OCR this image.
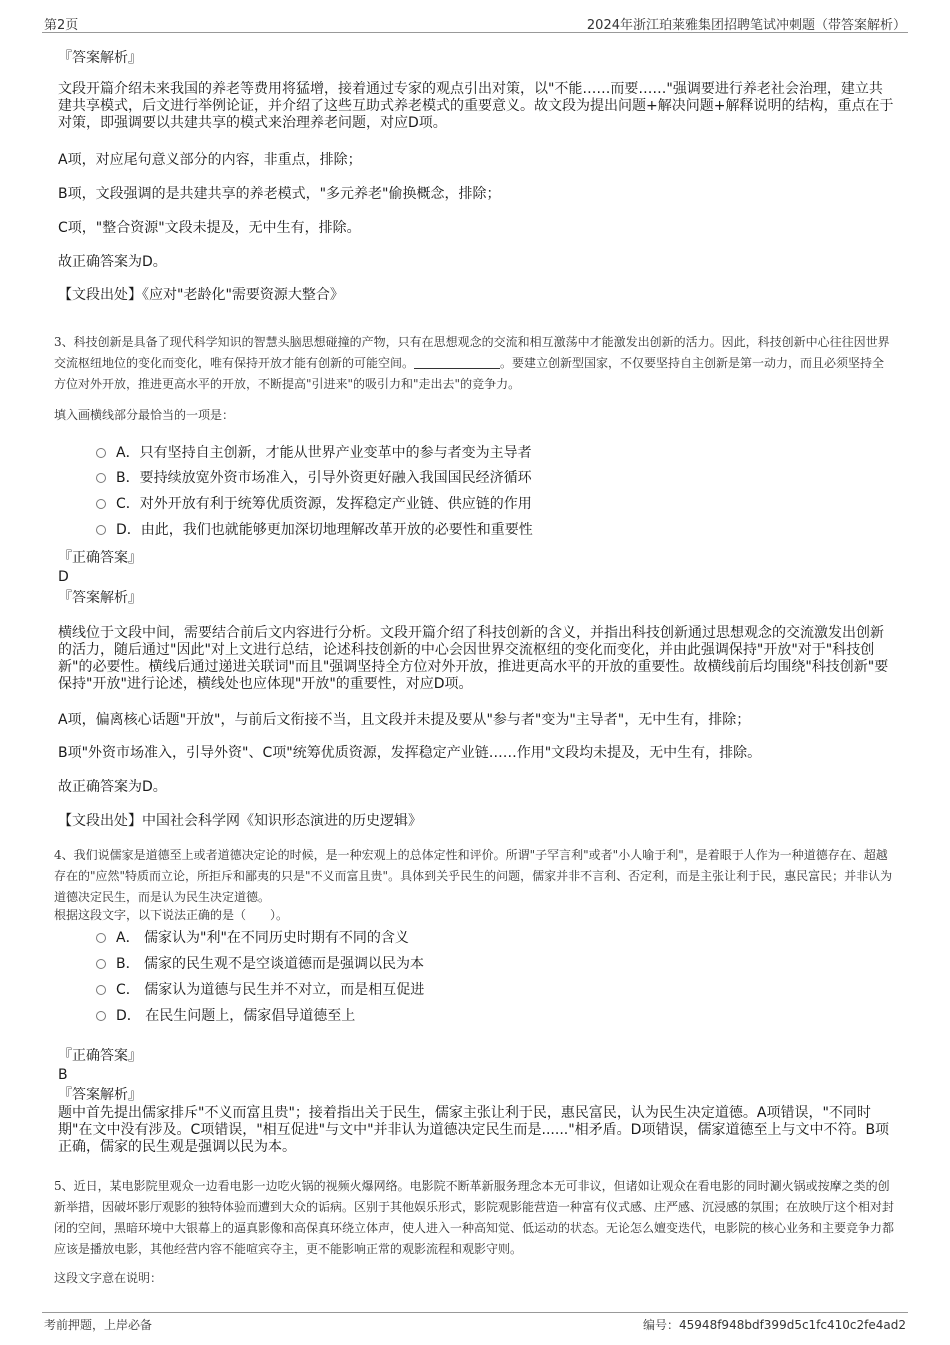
第2页	2024年浙江珀莱雅集团招聘笔试冲刺题（带答案解析）
『答案解析』
文段开篇介绍未来我国的养老等费用将猛增，接着通过专家的观点引出对策，以"不能……而要……"强调要进行养老社会治理，建立共建共享模式，后文进行举例论证，并介绍了这些互助式养老模式的重要意义。故文段为提出问题+解决问题+解释说明的结构，重点在于对策，即强调要以共建共享的模式来治理养老问题，对应D项。
A项，对应尾句意义部分的内容，非重点，排除；
B项，文段强调的是共建共享的养老模式，"多元养老"偷换概念，排除；
C项，"整合资源"文段未提及，无中生有，排除。
故正确答案为D。
【文段出处】《应对"老龄化"需要资源大整合》
3、科技创新是具备了现代科学知识的智慧头脑思想碰撞的产物，只有在思想观念的交流和相互激荡中才能激发出创新的活力。因此，科技创新中心往往因世界交流枢纽地位的变化而变化，唯有保持开放才能有创新的可能空间。	。要建立创新型国家，不仅要坚持自主创新是第一动力，而且必须坚持全方位对外开放，推进更高水平的开放，不断提高"引进来"的吸引力和"走出去"的竞争力。
填入画横线部分最恰当的一项是：
A．只有坚持自主创新，才能从世界产业变革中的参与者变为主导者
B．要持续放宽外资市场准入，引导外资更好融入我国国民经济循环
C．对外开放有利于统筹优质资源，发挥稳定产业链、供应链的作用
D．由此，我们也就能够更加深切地理解改革开放的必要性和重要性
『正确答案』
D
『答案解析』
横线位于文段中间，需要结合前后文内容进行分析。文段开篇介绍了科技创新的含义，并指出科技创新通过思想观念的交流激发出创新的活力，随后通过"因此"对上文进行总结，论述科技创新的中心会因世界交流枢纽的变化而变化，并由此强调保持"开放"对于"科技创新"的必要性。横线后通过递进关联词"而且"强调坚持全方位对外开放，推进更高水平的开放的重要性。故横线前后均围绕"科技创新"要保持"开放"进行论述，横线处也应体现"开放"的重要性，对应D项。
A项，偏离核心话题"开放"，与前后文衔接不当，且文段并未提及要从"参与者"变为"主导者"，无中生有，排除；
B项"外资市场准入，引导外资"、C项"统筹优质资源，发挥稳定产业链……作用"文段均未提及，无中生有，排除。
故正确答案为D。
【文段出处】中国社会科学网《知识形态演进的历史逻辑》
4、我们说儒家是道德至上或者道德决定论的时候，是一种宏观上的总体定性和评价。所谓"子罕言利"或者"小人喻于利"，是着眼于人作为一种道德存在、超越存在的"应然"特质而立论，所拒斥和鄙夷的只是"不义而富且贵"。具体到关乎民生的问题，儒家并非不言利、否定利，而是主张让利于民，惠民富民；并非认为道德决定民生，而是认为民生决定道德。
根据这段文字，以下说法正确的是（　　）。
A． 儒家认为"利"在不同历史时期有不同的含义
B． 儒家的民生观不是空谈道德而是强调以民为本
C． 儒家认为道德与民生并不对立，而是相互促进
D． 在民生问题上，儒家倡导道德至上
『正确答案』
B
『答案解析』
题中首先提出儒家排斥"不义而富且贵"；接着指出关于民生，儒家主张让利于民，惠民富民，认为民生决定道德。A项错误，"不同时期"在文中没有涉及。C项错误，"相互促进"与文中"并非认为道德决定民生而是......"相矛盾。D项错误，儒家道德至上与文中不符。B项正确，儒家的民生观是强调以民为本。
5、近日，某电影院里观众一边看电影一边吃火锅的视频火爆网络。电影院不断革新服务理念本无可非议，但诸如让观众在看电影的同时涮火锅或按摩之类的创新举措，因破坏影厅观影的独特体验而遭到大众的诟病。区别于其他娱乐形式，影院观影能营造一种富有仪式感、庄严感、沉浸感的氛围；在放映厅这个相对封闭的空间，黑暗环境中大银幕上的逼真影像和高保真环绕立体声，使人进入一种高知觉、低运动的状态。无论怎么嬗变迭代，电影院的核心业务和主要竞争力都应该是播放电影，其他经营内容不能喧宾夺主，更不能影响正常的观影流程和观影守则。
这段文字意在说明：
考前押题，上岸必备	编号：45948f948bdf399d5c1fc410c2fe4ad2
